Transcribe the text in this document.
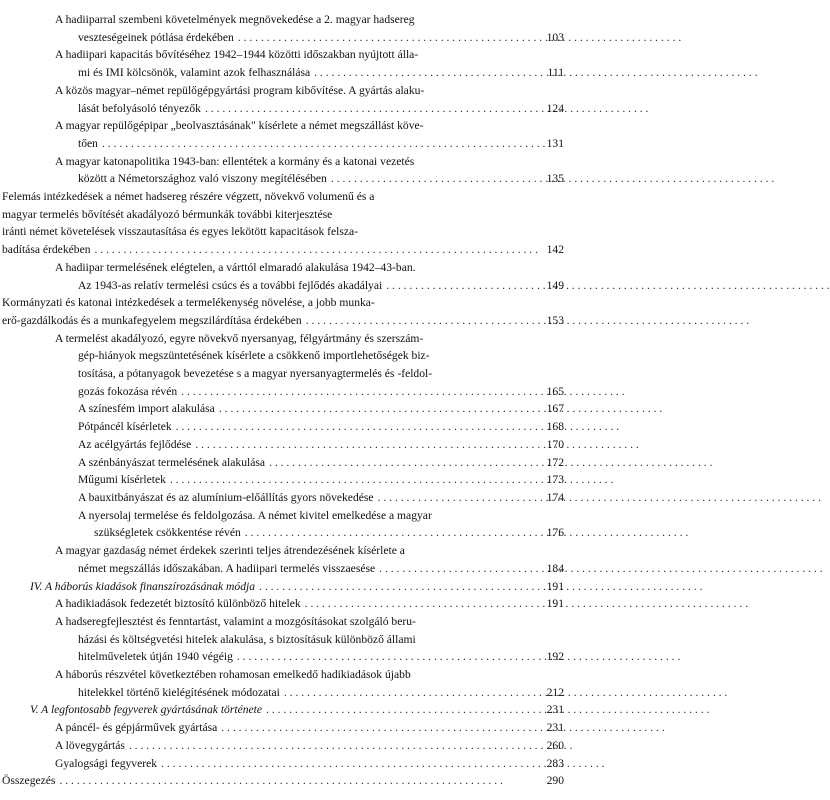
A hadiiparral szembeni követelmények megnövekedése a 2. magyar hadsereg
veszteségeinek pótlása érdekében . . .	103
A hadiipari kapacitás bővítéséhez 1942–1944 közötti időszakban nyújtott álla-
mi és IMI kölcsönök, valamint azok felhasználása . . .	111
A közös magyar–német repülőgépgyártási program kibővítése. A gyártás alaku-
lását befolyásoló tényezők . . .	124
A magyar repülőgépipar „beolvasztásának" kísérlete a német megszállást köve-
tően . . .	131
A magyar katonapolitika 1943-ban: ellentétek a kormány és a katonai vezetés
között a Németországhoz való viszony megítélésében . . .	135
Felemás intézkedések a német hadsereg részére végzett, növekvő volumenű és a
magyar termelés bővítését akadályozó bérmunkák további kiterjesztése
iránti német követelések visszautasítása és egyes lekötött kapacitások felsza-
badítása érdekében . . .	142
A hadiipar termelésének elégtelen, a várttól elmaradó alakulása 1942–43-ban.
Az 1943-as relatív termelési csúcs és a további fejlődés akadályai . . .	149
Kormányzati és katonai intézkedések a termelékenység növelése, a jobb munka-
erő-gazdálkodás és a munkafegyelem megszilárdítása érdekében . . .	153
A termelést akadályozó, egyre növekvő nyersanyag, félgyártmány és szerszám-
gép-hiányok megszüntetésének kísérlete a csökkenő importlehetőségek biz-
tosítása, a pótanyagok bevezetése s a magyar nyersanyagtermelés és -feldol-
gozás fokozása révén . . .	165
A színesfém import alakulása . . .	167
Pótpáncél kísérletek . . .	168
Az acélgyártás fejlődése . . .	170
A szénbányászat termelésének alakulása . . .	172
Műgumi kísérletek . . .	173
A bauxitbányászat és az alumínium-előállítás gyors növekedése . . .	174
A nyersolaj termelése és feldolgozása. A német kivitel emelkedése a magyar
szükségletek csökkentése révén . . .	176
A magyar gazdaság német érdekek szerinti teljes átrendezésének kísérlete a
német megszállás időszakában. A hadiipari termelés visszaesése . . .	184
IV. A háborús kiadások finanszírozásának módja . . .	191
A hadikiadások fedezetét biztosító különböző hitelek . . .	191
A hadseregfejlesztést és fenntartást, valamint a mozgósításokat szolgáló beru-
házási és költségvetési hitelek alakulása, s biztosításuk különböző állami
hitelműveletek útján 1940 végéig . . .	192
A háborús részvétel következtében rohamosan emelkedő hadikiadások újabb
hitelekkel történő kielégítésének módozatai . . .	212
V. A legfontosabb fegyverek gyártásának története . . .	231
A páncél- és gépjárművek gyártása . . .	231
A lövegygártás . . .	260
Gyalogsági fegyverek . . .	283
Összegezés . . .	290
